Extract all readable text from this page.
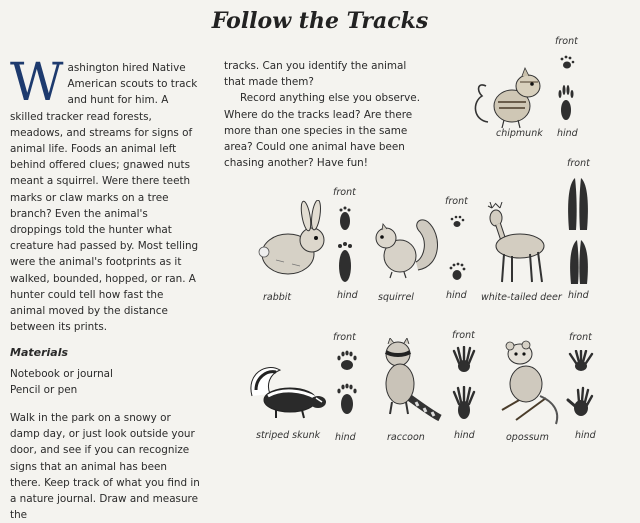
Follow the Tracks

Washington hired Native American scouts to track and hunt for him. A skilled tracker read forests, meadows, and streams for signs of animal life. Foods an animal left behind offered clues; gnawed nuts meant a squirrel. Were there teeth marks or claw marks on a tree branch? Even the animal's droppings told the hunter what creature had passed by. Most telling were the animal's footprints as it walked, bounded, hopped, or ran. A hunter could tell how fast the animal moved by the distance between its prints.

Materials

Notebook or journal

Pencil or pen

Walk in the park on a snowy or damp day, or just look outside your door, and see if you can recognize signs that an animal has been there. Keep track of what you find in a nature journal. Draw and measure the

tracks. Can you identify the animal that made them?

Record anything else you observe. Where do the tracks lead? Are there more than one species in the same area? Could one animal have been chasing another? Have fun!

chipmunk
front
hind
rabbit
front
hind squirrel
front
hind white-tailed deer
front
hind
striped skunk
front
hind	raccoon
front
hind	opossum
front
hind
